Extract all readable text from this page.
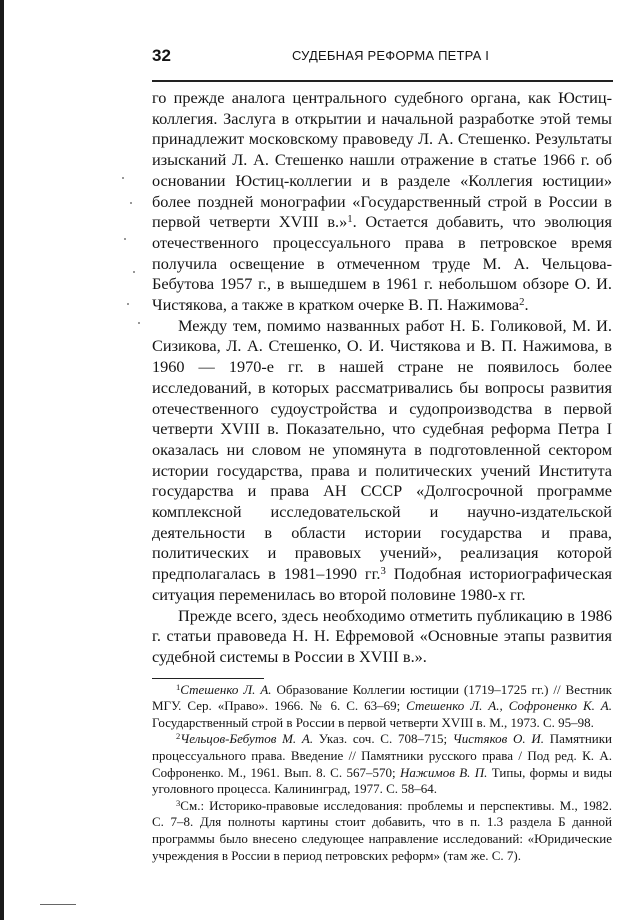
32	СУДЕБНАЯ РЕФОРМА ПЕТРА I

го прежде аналога центрального судебного органа, как Юстиц-коллегия. Заслуга в открытии и начальной разработке этой темы принадлежит московскому правоведу Л. А. Стешенко. Результаты изысканий Л. А. Стешенко нашли отражение в статье 1966 г. об основании Юстиц-коллегии и в разделе «Коллегия юстиции» более поздней монографии «Государственный строй в России в первой четверти XVIII в.»$^1$. Остается добавить, что эволюция отечественного процессуального права в петровское время получила освещение в отмеченном труде М. А. Чельцова-Бебутова 1957 г., в вышедшем в 1961 г. небольшом обзоре О. И. Чистякова, а также в кратком очерке В. П. Нажимова$^2$.

Между тем, помимо названных работ Н. Б. Голиковой, М. И. Сизикова, Л. А. Стешенко, О. И. Чистякова и В. П. Нажимова, в 1960 — 1970-е гг. в нашей стране не появилось более исследований, в которых рассматривались бы вопросы развития отечественного судоустройства и судопроизводства в первой четверти XVIII в. Показательно, что судебная реформа Петра I оказалась ни словом не упомянута в подготовленной сектором истории государства, права и политических учений Института государства и права АН СССР «Долгосрочной программе комплексной исследовательской и научно-издательской деятельности в области истории государства и права, политических и правовых учений», реализация которой предполагалась в 1981–1990 гг.$^3$ Подобная историографическая ситуация переменилась во второй половине 1980-х гг.

Прежде всего, здесь необходимо отметить публикацию в 1986 г. статьи правоведа Н. Н. Ефремовой «Основные этапы развития судебной системы в России в XVIII в.».

$^1$Стешенко Л. А. Образование Коллегии юстиции (1719–1725 гг.) // Вестник МГУ. Сер. «Право». 1966. № 6. С. 63–69; Стешенко Л. А., Софроненко К. А. Государственный строй в России в первой четверти XVIII в. М., 1973. С. 95–98.

$^2$Чельцов-Бебутов М. А. Указ. соч. С. 708–715; Чистяков О. И. Памятники процессуального права. Введение // Памятники русского права / Под ред. К. А. Софроненко. М., 1961. Вып. 8. С. 567–570; Нажимов В. П. Типы, формы и виды уголовного процесса. Калининград, 1977. С. 58–64.

$^3$См.: Историко-правовые исследования: проблемы и перспективы. М., 1982. С. 7–8. Для полноты картины стоит добавить, что в п. 1.3 раздела Б данной программы было внесено следующее направление исследований: «Юридические учреждения в России в период петровских реформ» (там же. С. 7).
